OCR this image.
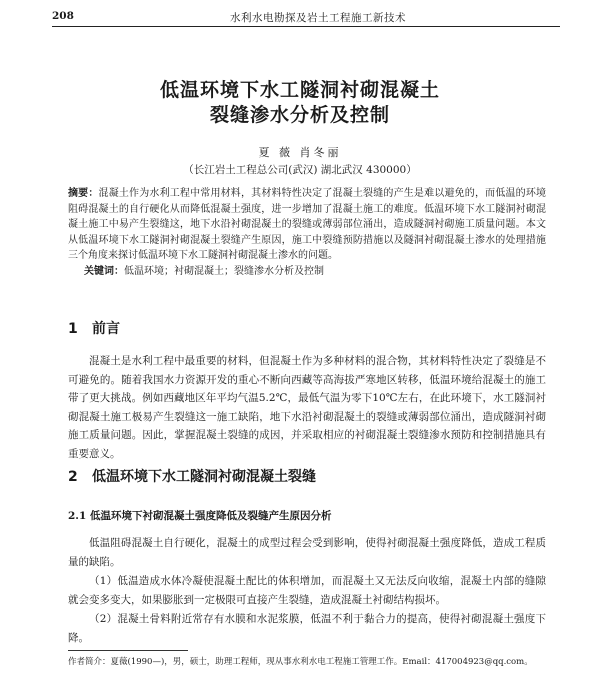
208	水利水电勘探及岩土工程施工新技术
低温环境下水工隧洞衬砌混凝土
裂缝渗水分析及控制
夏 薇 肖冬丽
（长江岩土工程总公司(武汉) 湖北武汉 430000）
摘要：混凝土作为水利工程中常用材料，其材料特性决定了混凝土裂缝的产生是难以避免的，而低温的环境阻碍混凝土的自行硬化从而降低混凝土强度，进一步增加了混凝土施工的难度。低温环境下水工隧洞衬砌混凝土施工中易产生裂缝这，地下水沿衬砌混凝土的裂缝或薄弱部位涌出，造成隧洞衬砌施工质量问题。本文从低温环境下水工隧洞衬砌混凝土裂缝产生原因，施工中裂缝预防措施以及隧洞衬砌混凝土渗水的处理措施三个角度来探讨低温环境下水工隧洞衬砌混凝土渗水的问题。
关键词：低温环境；衬砌混凝土；裂缝渗水分析及控制
1 前言

混凝土是水利工程中最重要的材料，但混凝土作为多种材料的混合物，其材料特性决定了裂缝是不可避免的。随着我国水力资源开发的重心不断向西藏等高海拔严寒地区转移，低温环境给混凝土的施工带了更大挑战。例如西藏地区年平均气温5.2℃，最低气温为零下10℃左右，在此环境下，水工隧洞衬砌混凝土施工极易产生裂缝这一施工缺陷，地下水沿衬砌混凝土的裂缝或薄弱部位涌出，造成隧洞衬砌施工质量问题。因此，掌握混凝土裂缝的成因，并采取相应的衬砌混凝土裂缝渗水预防和控制措施具有重要意义。

2 低温环境下水工隧洞衬砌混凝土裂缝
2.1 低温环境下衬砌混凝土强度降低及裂缝产生原因分析

低温阻碍混凝土自行硬化，混凝土的成型过程会受到影响，使得衬砌混凝土强度降低，造成工程质量的缺陷。

（1）低温造成水体冷凝使混凝土配比的体积增加，而混凝土又无法反向收缩，混凝土内部的缝隙就会变多变大，如果膨胀到一定极限可直接产生裂缝，造成混凝土衬砌结构损坏。

（2）混凝土骨料附近常存有水膜和水泥浆膜，低温不利于黏合力的提高，使得衬砌混凝土强度下降。

作者简介：夏薇(1990—)，男，硕士，助理工程师，现从事水利水电工程施工管理工作。Email：417004923@qq.com。
